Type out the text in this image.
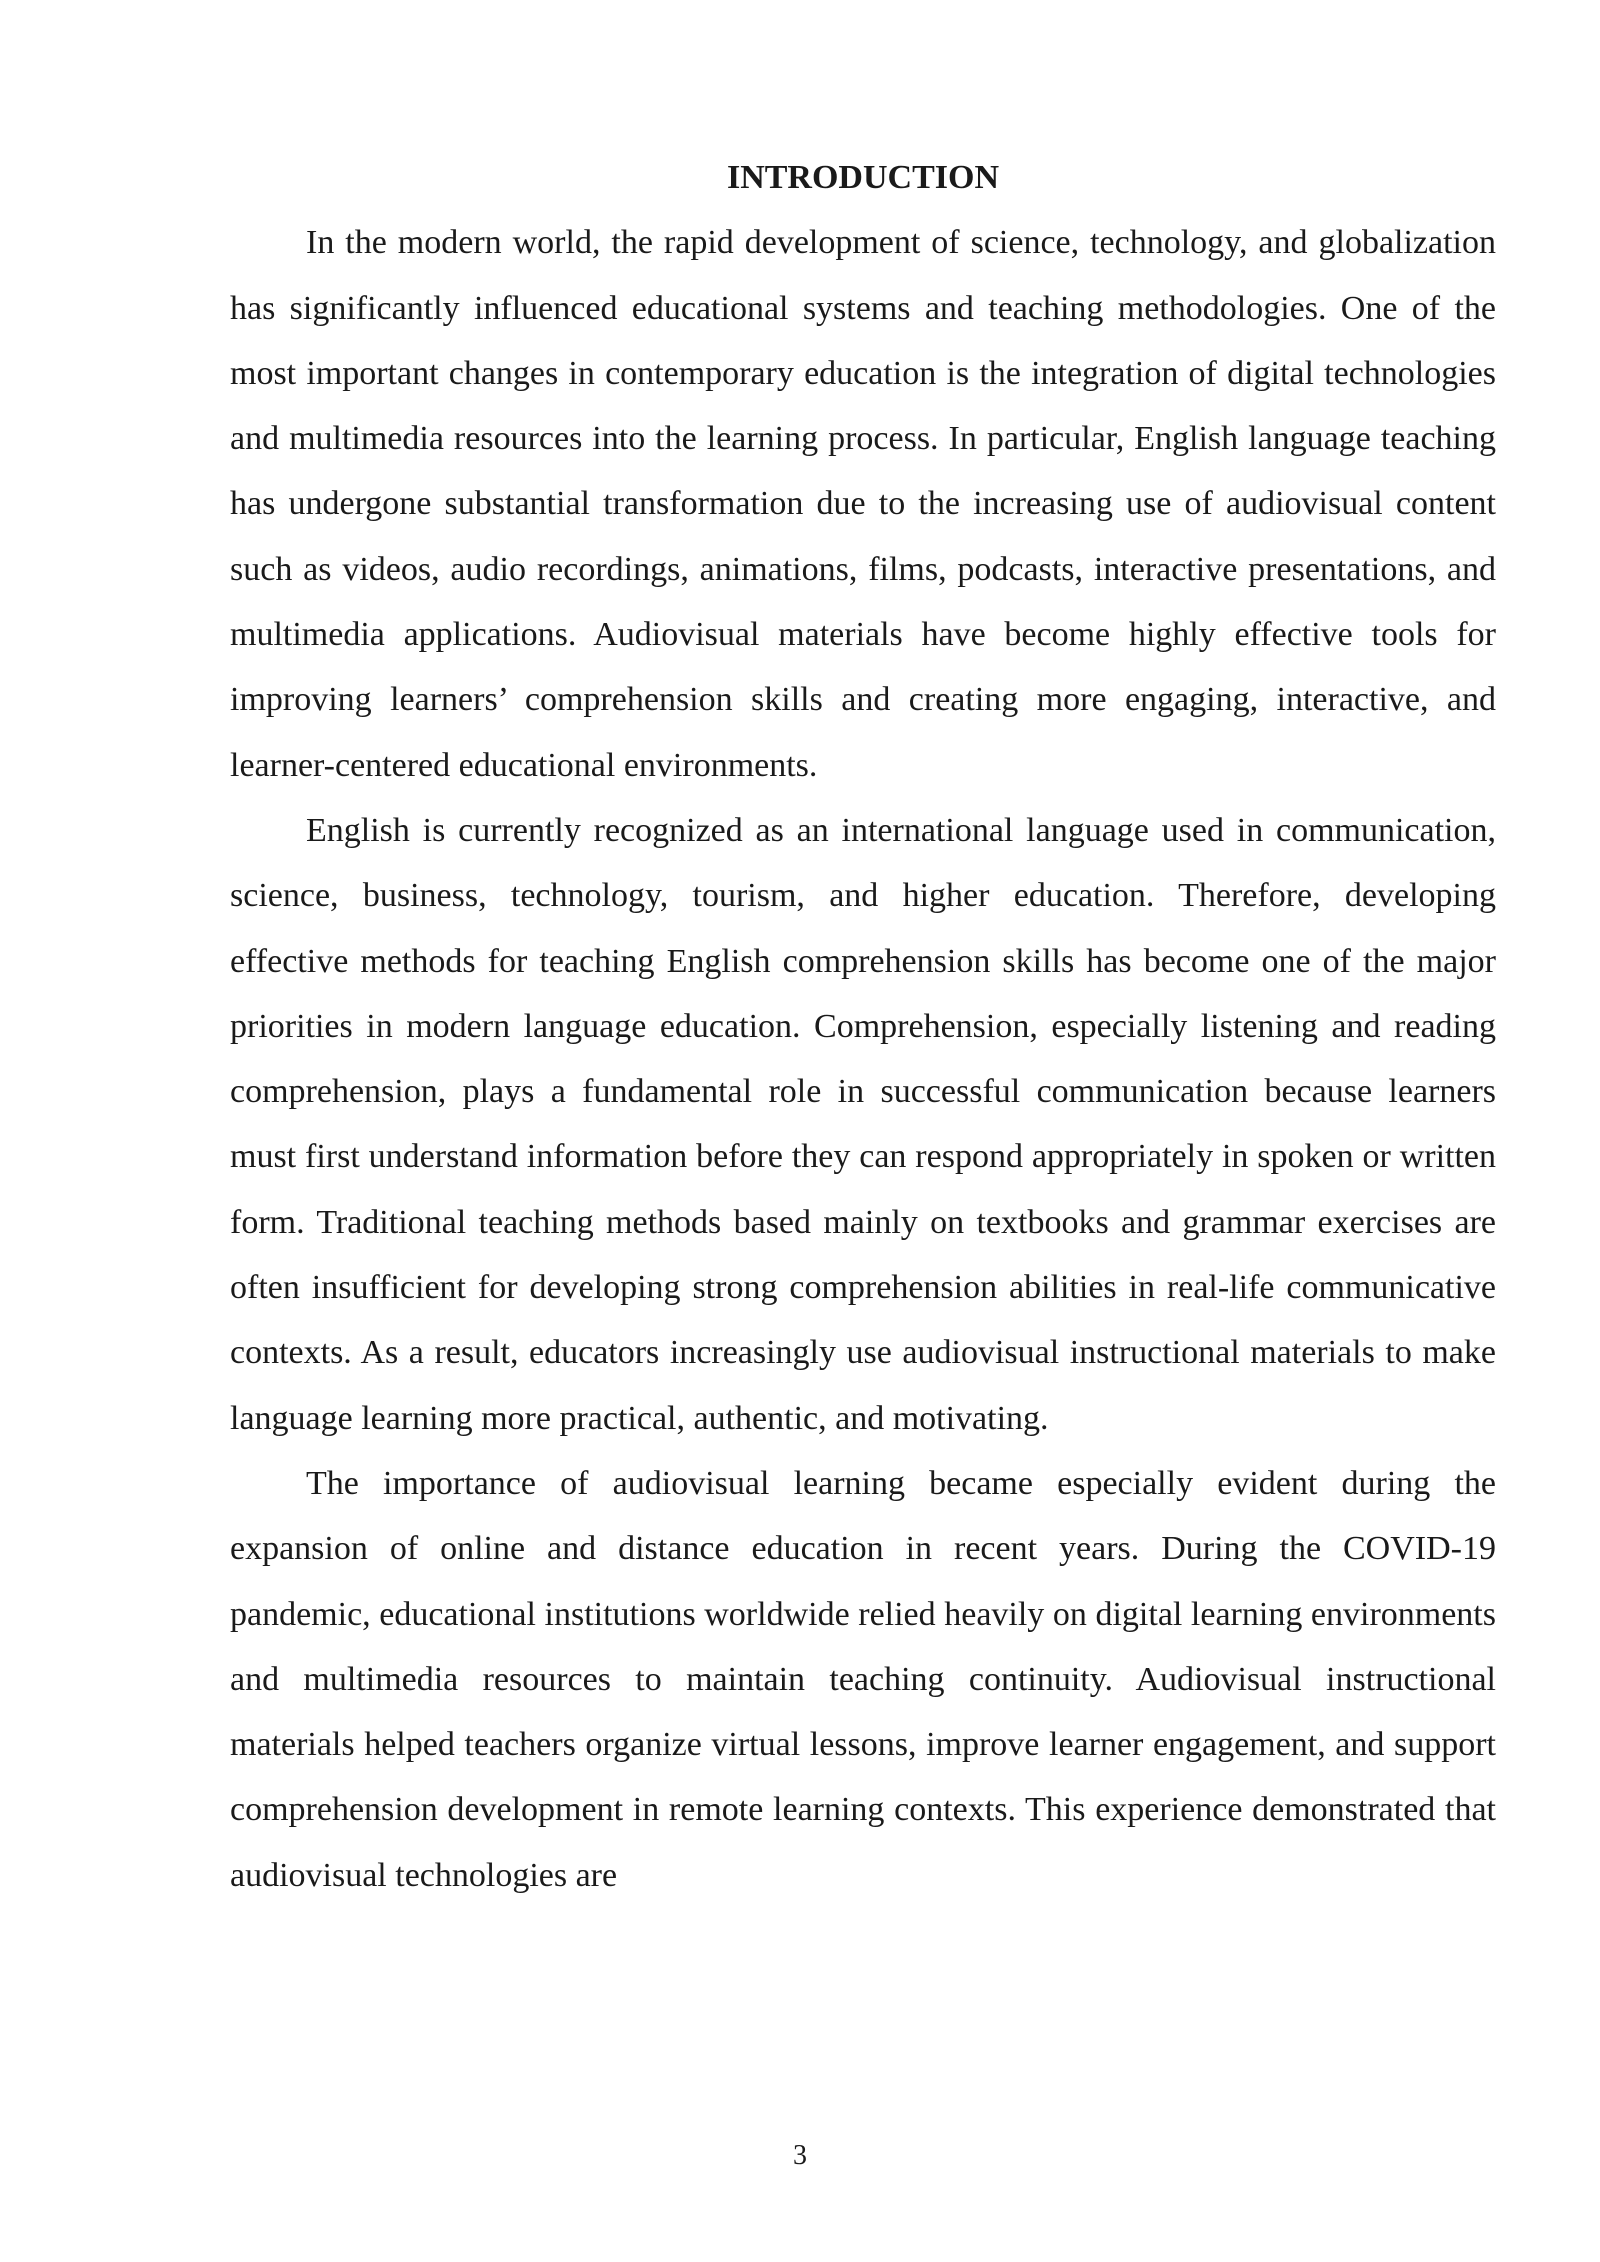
INTRODUCTION

In the modern world, the rapid development of science, technology, and globalization has significantly influenced educational systems and teaching methodologies. One of the most important changes in contemporary education is the integration of digital technologies and multimedia resources into the learning process. In particular, English language teaching has undergone substantial transformation due to the increasing use of audiovisual content such as videos, audio recordings, animations, films, podcasts, interactive presentations, and multimedia applications. Audiovisual materials have become highly effective tools for improving learners’ comprehension skills and creating more engaging, interactive, and learner-centered educational environments.

English is currently recognized as an international language used in communication, science, business, technology, tourism, and higher education. Therefore, developing effective methods for teaching English comprehension skills has become one of the major priorities in modern language education. Comprehension, especially listening and reading comprehension, plays a fundamental role in successful communication because learners must first understand information before they can respond appropriately in spoken or written form. Traditional teaching methods based mainly on textbooks and grammar exercises are often insufficient for developing strong comprehension abilities in real-life communicative contexts. As a result, educators increasingly use audiovisual instructional materials to make language learning more practical, authentic, and motivating.

The importance of audiovisual learning became especially evident during the expansion of online and distance education in recent years. During the COVID-19 pandemic, educational institutions worldwide relied heavily on digital learning environments and multimedia resources to maintain teaching continuity. Audiovisual instructional materials helped teachers organize virtual lessons, improve learner engagement, and support comprehension development in remote learning contexts. This experience demonstrated that audiovisual technologies are

3
